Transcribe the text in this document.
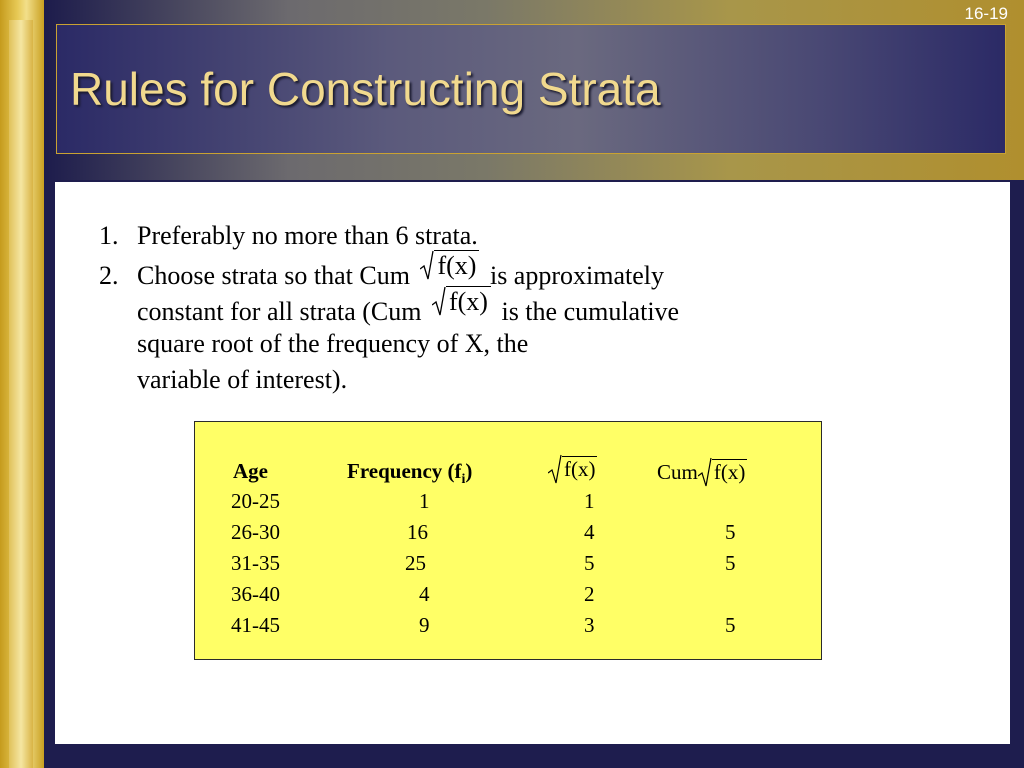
16-19
Rules for Constructing Strata
1. Preferably no more than 6 strata.
2. Choose strata so that Cum f(x) is approximately
constant for all strata (Cum f(x) is the cumulative
square root of the frequency of X, the
variable of interest).
Age	Frequency $(f_i)$	f(x)	Cum f(x)
20-25	1	1
26-30	16	4	5
31-35	25	5	5
36-40	4	2
41-45	9	3	5
